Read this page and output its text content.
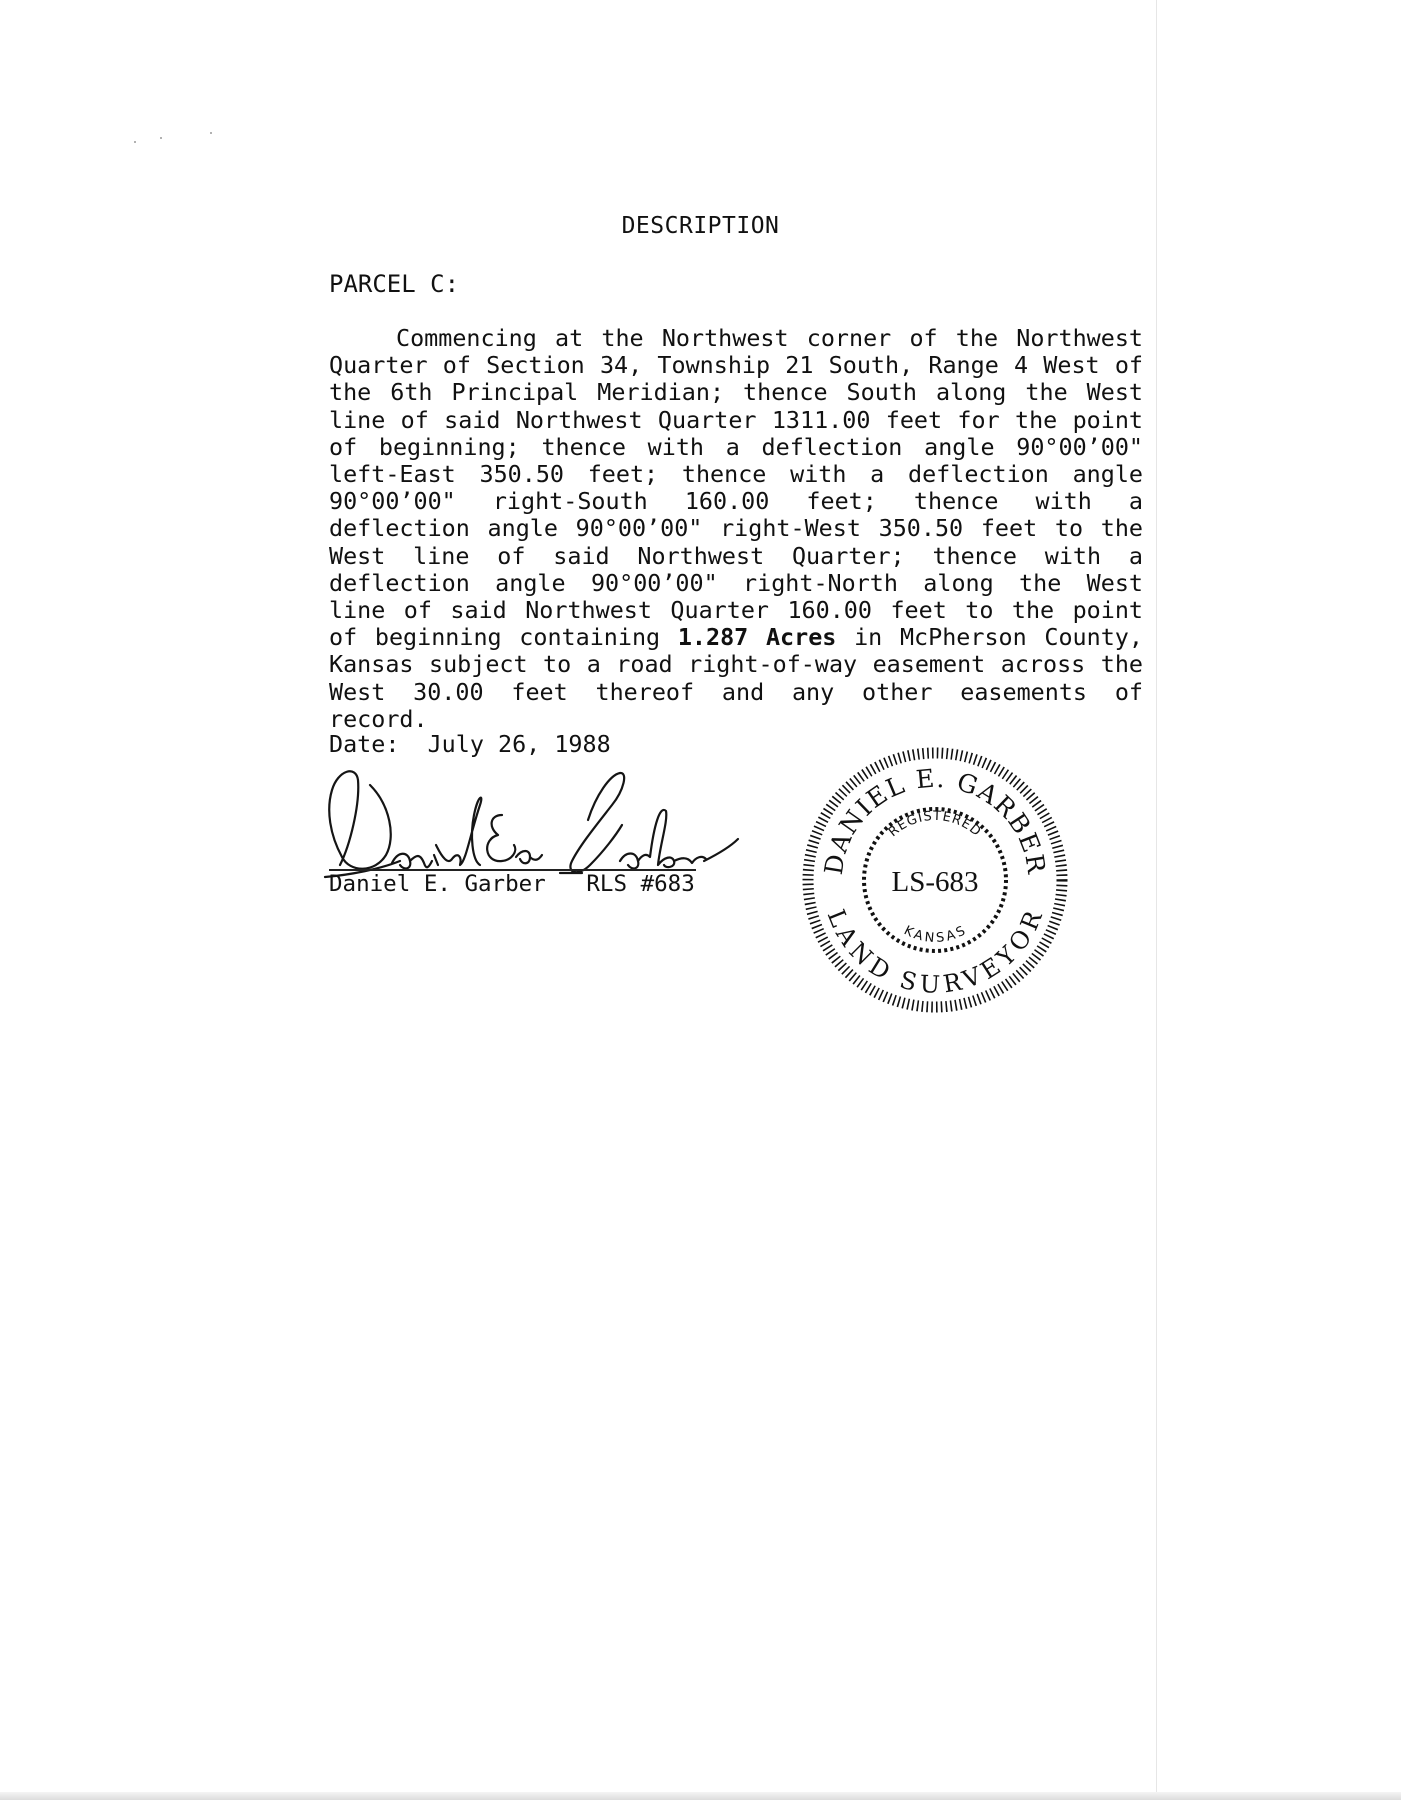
DESCRIPTION
PARCEL C:

Commencing at the Northwest corner of the Northwest Quarter of Section 34, Township 21 South, Range 4 West of the 6th Principal Meridian; thence South along the West line of said Northwest Quarter 1311.00 feet for the point of beginning; thence with a deflection angle 90°00’00" left-East 350.50 feet; thence with a deflection angle 90°00’00" right-South 160.00 feet; thence with a deflection angle 90°00’00" right-West 350.50 feet to the West line of said Northwest Quarter; thence with a deflection angle 90°00’00" right-North along the West line of said Northwest Quarter 160.00 feet to the point of beginning containing 1.287 Acres in McPherson County, Kansas subject to a road right-of-way easement across the West 30.00 feet thereof and any other easements of record.

Date: July 26, 1988
Daniel E. Garber RLS #683
DANIEL E. GARBER
LAND SURVEYOR
REGISTERED
KANSAS
LS-683
